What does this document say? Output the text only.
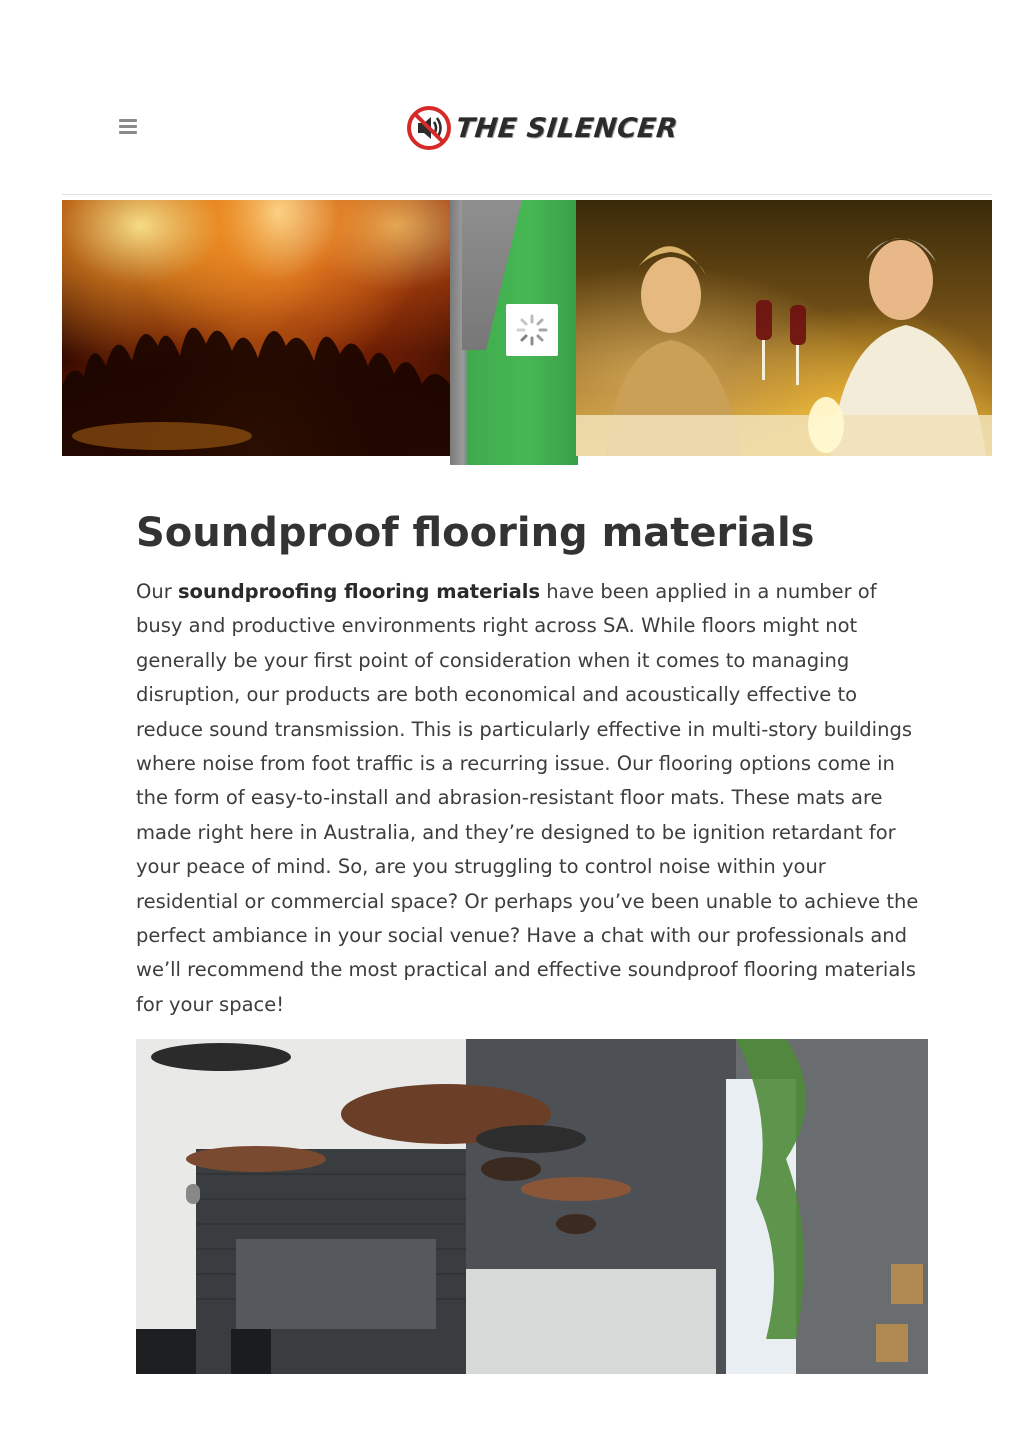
THE SILENCER
Soundproof flooring materials

Our soundproofing flooring materials have been applied in a number of busy and productive environments right across SA. While floors might not generally be your first point of consideration when it comes to managing disruption, our products are both economical and acoustically effective to reduce sound transmission. This is particularly effective in multi-story buildings where noise from foot traffic is a recurring issue. Our flooring options come in the form of easy-to-install and abrasion-resistant floor mats. These mats are made right here in Australia, and they’re designed to be ignition retardant for your peace of mind. So, are you struggling to control noise within your residential or commercial space? Or perhaps you’ve been unable to achieve the perfect ambiance in your social venue? Have a chat with our professionals and we’ll recommend the most practical and effective soundproof flooring materials for your space!
